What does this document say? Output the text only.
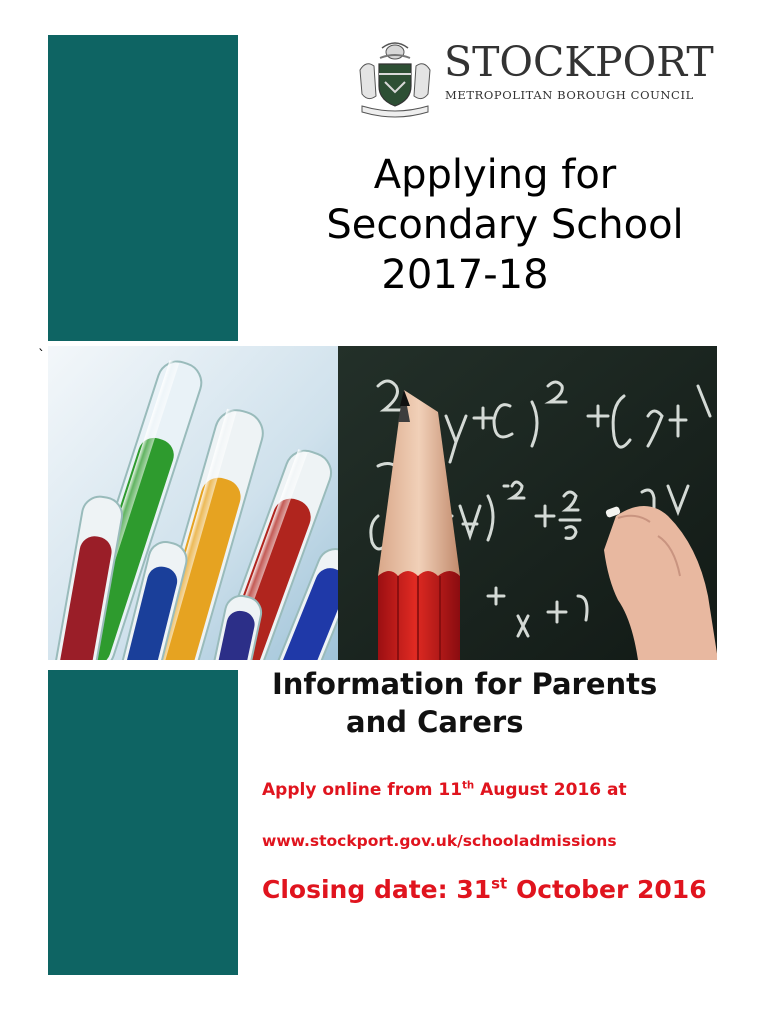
STOCKPORT
METROPOLITAN BOROUGH COUNCIL
Applying for
Secondary School
2017-18
`
Information for Parents
and Carers
Apply online from 11th August 2016 at
www.stockport.gov.uk/schooladmissions
Closing date: 31st October 2016
